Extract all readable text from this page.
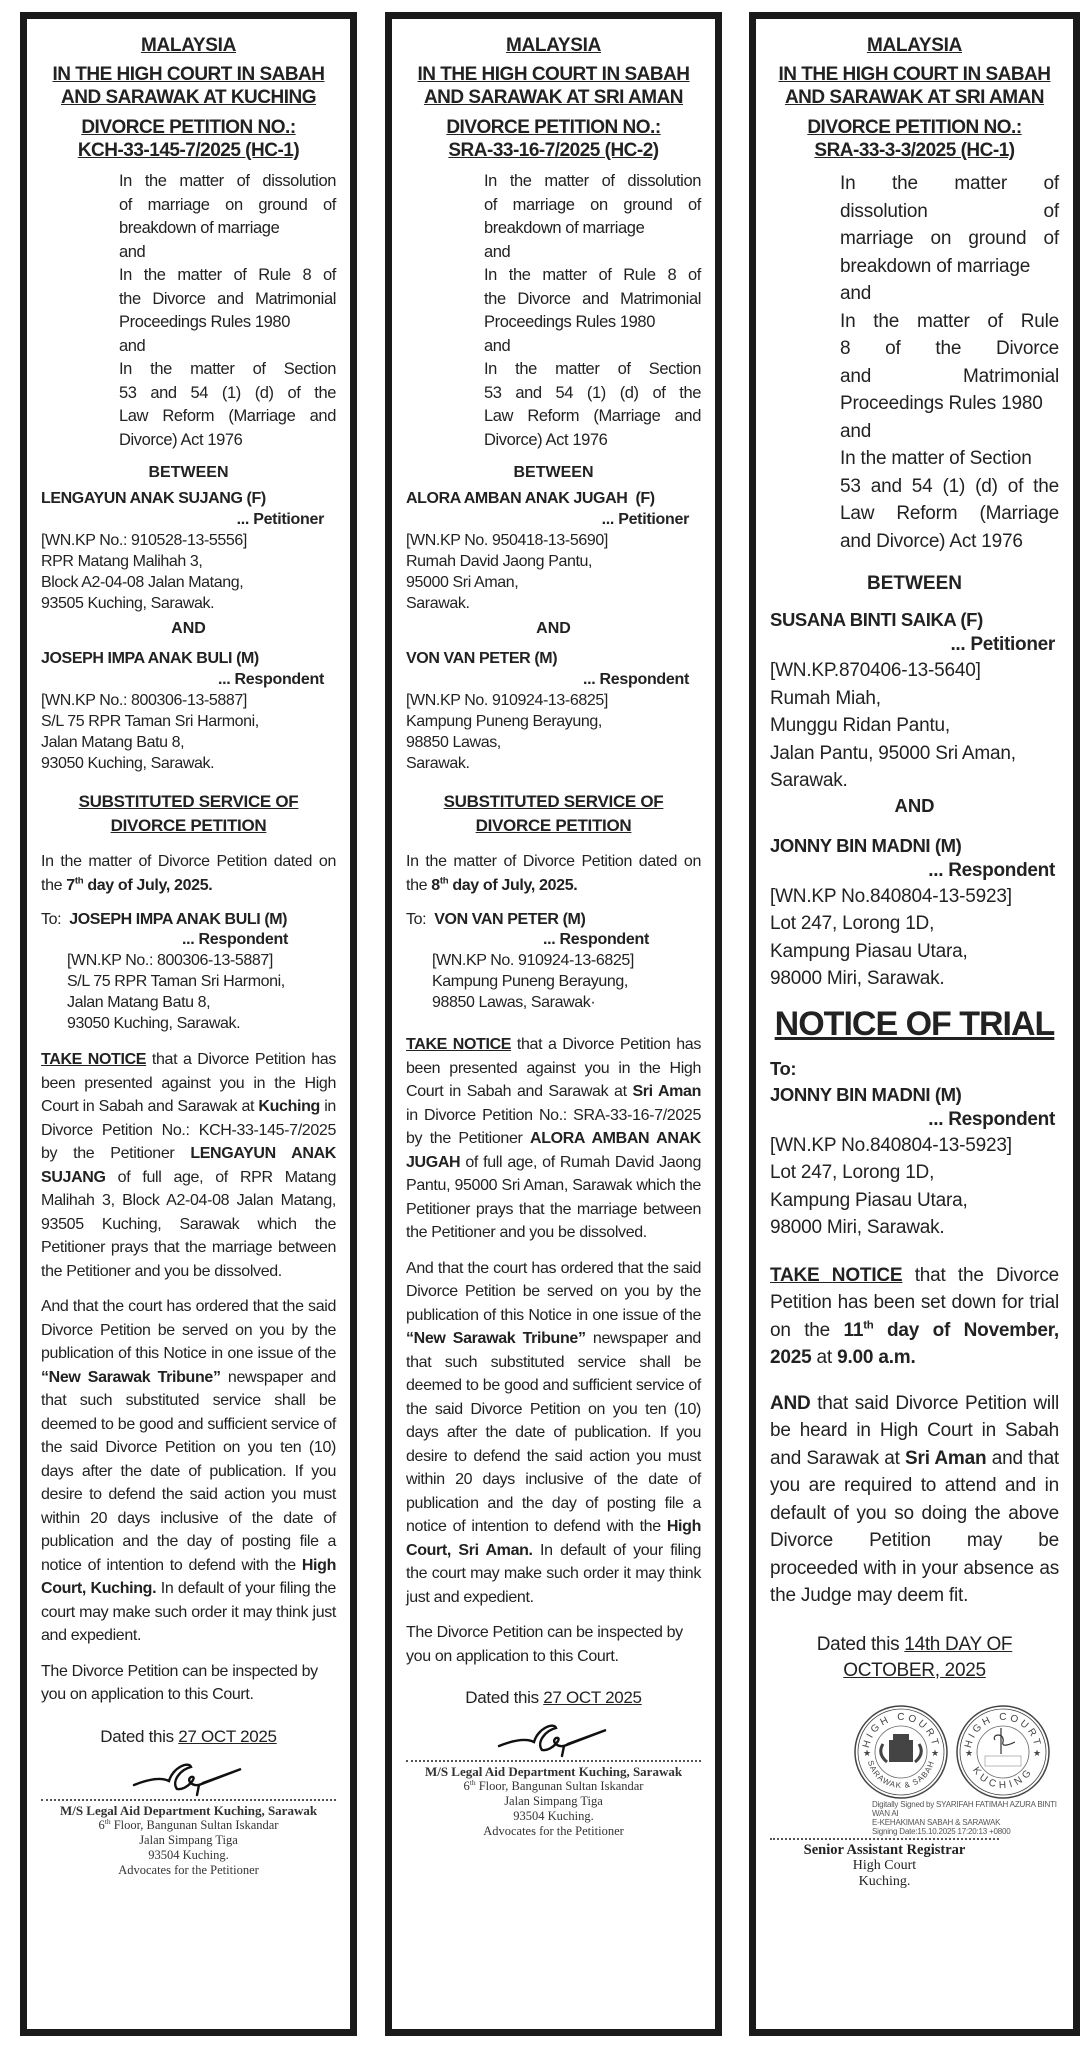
MALAYSIA
IN THE HIGH COURT IN SABAH
AND SARAWAK AT KUCHING
DIVORCE PETITION NO.:
KCH-33-145-7/2025 (HC-1)
In the matter of dissolution
of marriage on ground of
breakdown of marriage
and
In the matter of Rule 8 of
the Divorce and Matrimonial
Proceedings Rules 1980
and
In the matter of Section
53 and 54 (1) (d) of the
Law Reform (Marriage and
Divorce) Act 1976
BETWEEN
LENGAYUN ANAK SUJANG (F)
... Petitioner
[WN.KP No.: 910528-13-5556]
RPR Matang Malihah 3,
Block A2-04-08 Jalan Matang,
93505 Kuching, Sarawak.
AND
JOSEPH IMPA ANAK BULI (M)
... Respondent
[WN.KP No.: 800306-13-5887]
S/L 75 RPR Taman Sri Harmoni,
Jalan Matang Batu 8,
93050 Kuching, Sarawak.
SUBSTITUTED SERVICE OF
DIVORCE PETITION
In the matter of Divorce Petition dated on the 7th day of July, 2025.
To: JOSEPH IMPA ANAK BULI (M)
... Respondent
[WN.KP No.: 800306-13-5887]
S/L 75 RPR Taman Sri Harmoni,
Jalan Matang Batu 8,
93050 Kuching, Sarawak.
TAKE NOTICE that a Divorce Petition has been presented against you in the High Court in Sabah and Sarawak at Kuching in Divorce Petition No.: KCH-33-145-7/2025 by the Petitioner LENGAYUN ANAK SUJANG of full age, of RPR Matang Malihah 3, Block A2-04-08 Jalan Matang, 93505 Kuching, Sarawak which the Petitioner prays that the marriage between the Petitioner and you be dissolved.
And that the court has ordered that the said Divorce Petition be served on you by the publication of this Notice in one issue of the “New Sarawak Tribune” newspaper and that such substituted service shall be deemed to be good and sufficient service of the said Divorce Petition on you ten (10) days after the date of publication. If you desire to defend the said action you must within 20 days inclusive of the date of publication and the day of posting file a notice of intention to defend with the High Court, Kuching. In default of your filing the court may make such order it may think just and expedient.
The Divorce Petition can be inspected by you on application to this Court.
Dated this 27 OCT 2025
M/S Legal Aid Department Kuching, Sarawak
6th Floor, Bangunan Sultan Iskandar
Jalan Simpang Tiga
93504 Kuching.
Advocates for the Petitioner
MALAYSIA
IN THE HIGH COURT IN SABAH
AND SARAWAK AT SRI AMAN
DIVORCE PETITION NO.:
SRA-33-16-7/2025 (HC-2)
In the matter of dissolution
of marriage on ground of
breakdown of marriage
and
In the matter of Rule 8 of
the Divorce and Matrimonial
Proceedings Rules 1980
and
In the matter of Section
53 and 54 (1) (d) of the
Law Reform (Marriage and
Divorce) Act 1976
BETWEEN
ALORA AMBAN ANAK JUGAH  (F)
... Petitioner
[WN.KP No. 950418-13-5690]
Rumah David Jaong Pantu,
95000 Sri Aman,
Sarawak.
AND
VON VAN PETER (M)
... Respondent
[WN.KP No. 910924-13-6825]
Kampung Puneng Berayung,
98850 Lawas,
Sarawak.
SUBSTITUTED SERVICE OF
DIVORCE PETITION
In the matter of Divorce Petition dated on the 8th day of July, 2025.
To: VON VAN PETER (M)
... Respondent
[WN.KP No. 910924-13-6825]
Kampung Puneng Berayung,
98850 Lawas, Sarawak·
TAKE NOTICE that a Divorce Petition has been presented against you in the High Court in Sabah and Sarawak at Sri Aman in Divorce Petition No.: SRA-33-16-7/2025 by the Petitioner ALORA AMBAN ANAK JUGAH of full age, of Rumah David Jaong Pantu, 95000 Sri Aman, Sarawak which the Petitioner prays that the marriage between the Petitioner and you be dissolved.
And that the court has ordered that the said Divorce Petition be served on you by the publication of this Notice in one issue of the “New Sarawak Tribune” newspaper and that such substituted service shall be deemed to be good and sufficient service of the said Divorce Petition on you ten (10) days after the date of publication. If you desire to defend the said action you must within 20 days inclusive of the date of publication and the day of posting file a notice of intention to defend with the High Court, Sri Aman. In default of your filing the court may make such order it may think just and expedient.
The Divorce Petition can be inspected by you on application to this Court.
Dated this 27 OCT 2025
M/S Legal Aid Department Kuching, Sarawak
6th Floor, Bangunan Sultan Iskandar
Jalan Simpang Tiga
93504 Kuching.
Advocates for the Petitioner
MALAYSIA
IN THE HIGH COURT IN SABAH
AND SARAWAK AT SRI AMAN
DIVORCE PETITION NO.:
SRA-33-3-3/2025 (HC-1)
In the matter of
dissolution of
marriage on ground of
breakdown of marriage
and
In the matter of Rule
8 of the Divorce
and Matrimonial
Proceedings Rules 1980
and
In the matter of Section
53 and 54 (1) (d) of the
Law Reform (Marriage
and Divorce) Act 1976
BETWEEN
SUSANA BINTI SAIKA (F)
... Petitioner
[WN.KP.870406-13-5640]
Rumah Miah,
Munggu Ridan Pantu,
Jalan Pantu, 95000 Sri Aman,
Sarawak.
AND
JONNY BIN MADNI (M)
... Respondent
[WN.KP No.840804-13-5923]
Lot 247, Lorong 1D,
Kampung Piasau Utara,
98000 Miri, Sarawak.
NOTICE OF TRIAL
To:
JONNY BIN MADNI (M)
... Respondent
[WN.KP No.840804-13-5923]
Lot 247, Lorong 1D,
Kampung Piasau Utara,
98000 Miri, Sarawak.
TAKE NOTICE that the Divorce Petition has been set down for trial on the 11th day of November, 2025 at 9.00 a.m.
AND that said Divorce Petition will be heard in High Court in Sabah and Sarawak at Sri Aman and that you are required to attend and in default of you so doing the above Divorce Petition may be proceeded with in your absence as the Judge may deem fit.
Dated this 14th DAY OF
OCTOBER, 2025
HIGH COURT
SARAWAK & SABAH
★	★
HIGH COURT
KUCHING
★	★
Digitally Signed by SYARIFAH FATIMAH AZURA BINTI WAN AI
E-KEHAKIMAN SABAH & SARAWAK
Signing Date:15.10.2025 17:20:13 +0800
Senior Assistant Registrar
High Court
Kuching.
